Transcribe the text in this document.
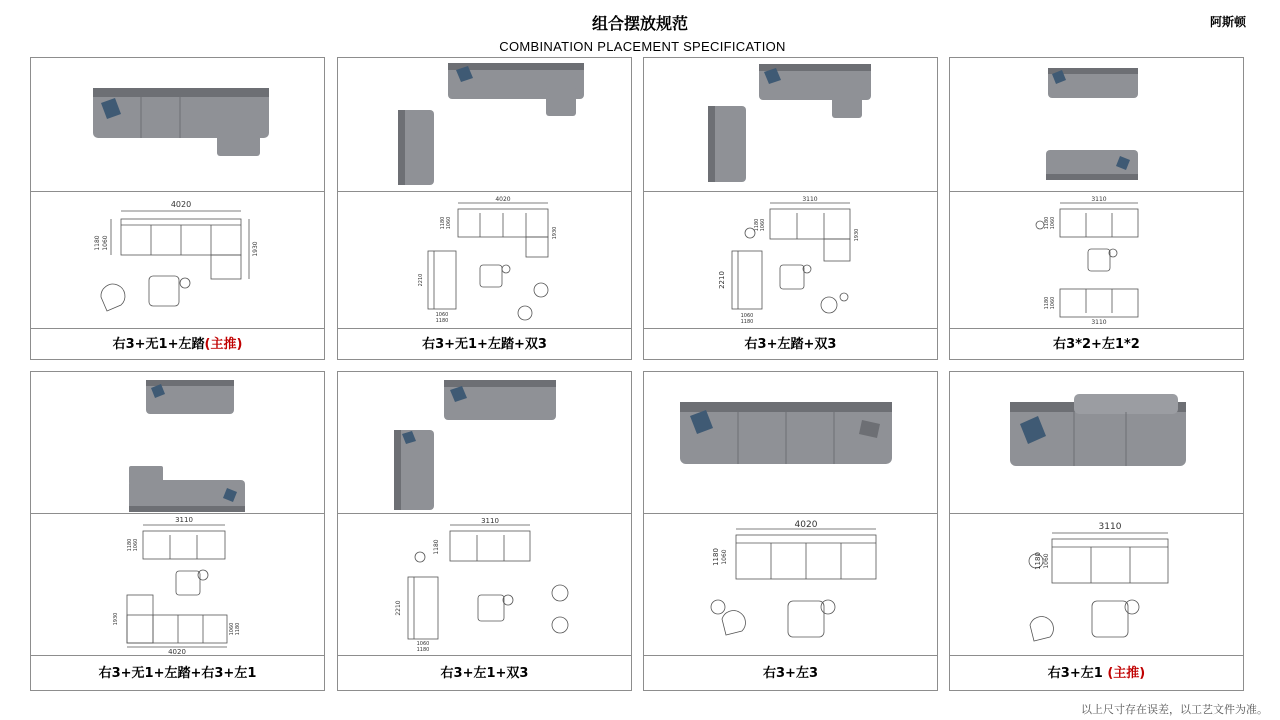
组合摆放规范
COMBINATION PLACEMENT SPECIFICATION
阿斯顿
4020
1180 1060	1930
右3+无1+左踏(主推)
4020
1180 1060
1930
2210
1060
1180
右3+无1+左踏+双3
3110
1180 1060
1930
2210
1060
1180
右3+左踏+双3
3110
1180 1060
1180 1060
3110
右3*2+左1*2
3110
1180 1060
1930
4020
1060 1180
右3+无1+左踏+右3+左1
3110
1180
2210
1060
1180
右3+左1+双3
4020
1180 1060
右3+左3
3110
1180 1060
右3+左1 (主推)
以上尺寸存在误差，以工艺文件为准。
